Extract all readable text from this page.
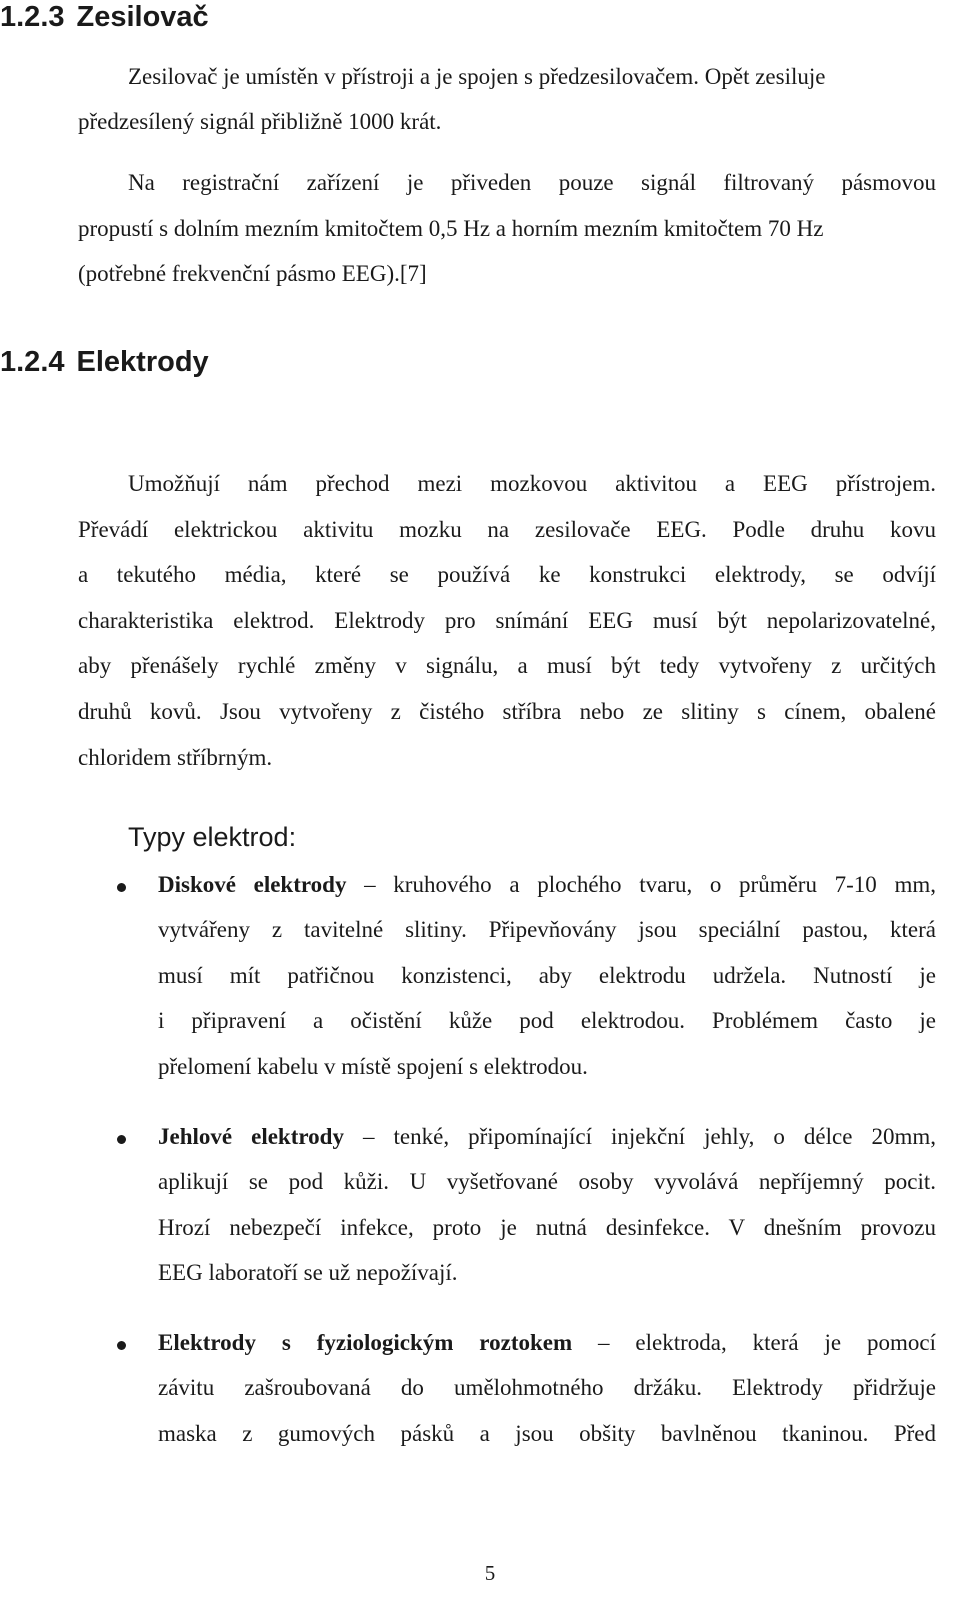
1.2.3 Zesilovač
Zesilovač je umístěn v přístroji a je spojen s předzesilovačem. Opět zesiluje
předzesílený signál přibližně 1000 krát.
Na registrační zařízení je přiveden pouze signál filtrovaný pásmovou
propustí s dolním mezním kmitočtem 0,5 Hz a horním mezním kmitočtem 70 Hz
(potřebné frekvenční pásmo EEG).[7]
1.2.4 Elektrody
Umožňují nám přechod mezi mozkovou aktivitou a EEG přístrojem.
Převádí elektrickou aktivitu mozku na zesilovače EEG. Podle druhu kovu
a tekutého média, které se používá ke konstrukci elektrody, se odvíjí
charakteristika elektrod. Elektrody pro snímání EEG musí být nepolarizovatelné,
aby přenášely rychlé změny v signálu, a musí být tedy vytvořeny z určitých
druhů kovů. Jsou vytvořeny z čistého stříbra nebo ze slitiny s cínem, obalené
chloridem stříbrným.
Typy elektrod:
Diskové elektrody – kruhového a plochého tvaru, o průměru 7-10 mm,
vytvářeny z tavitelné slitiny. Připevňovány jsou speciální pastou, která
musí mít patřičnou konzistenci, aby elektrodu udržela. Nutností je
i připravení a očistění kůže pod elektrodou. Problémem často je
přelomení kabelu v místě spojení s elektrodou.
Jehlové elektrody – tenké, připomínající injekční jehly, o délce 20mm,
aplikují se pod kůži. U vyšetřované osoby vyvolává nepříjemný pocit.
Hrozí nebezpečí infekce, proto je nutná desinfekce. V dnešním provozu
EEG laboratoří se už nepožívají.
Elektrody s fyziologickým roztokem – elektroda, která je pomocí
závitu zašroubovaná do umělohmotného držáku. Elektrody přidržuje
maska z gumových pásků a jsou obšity bavlněnou tkaninou. Před
5
